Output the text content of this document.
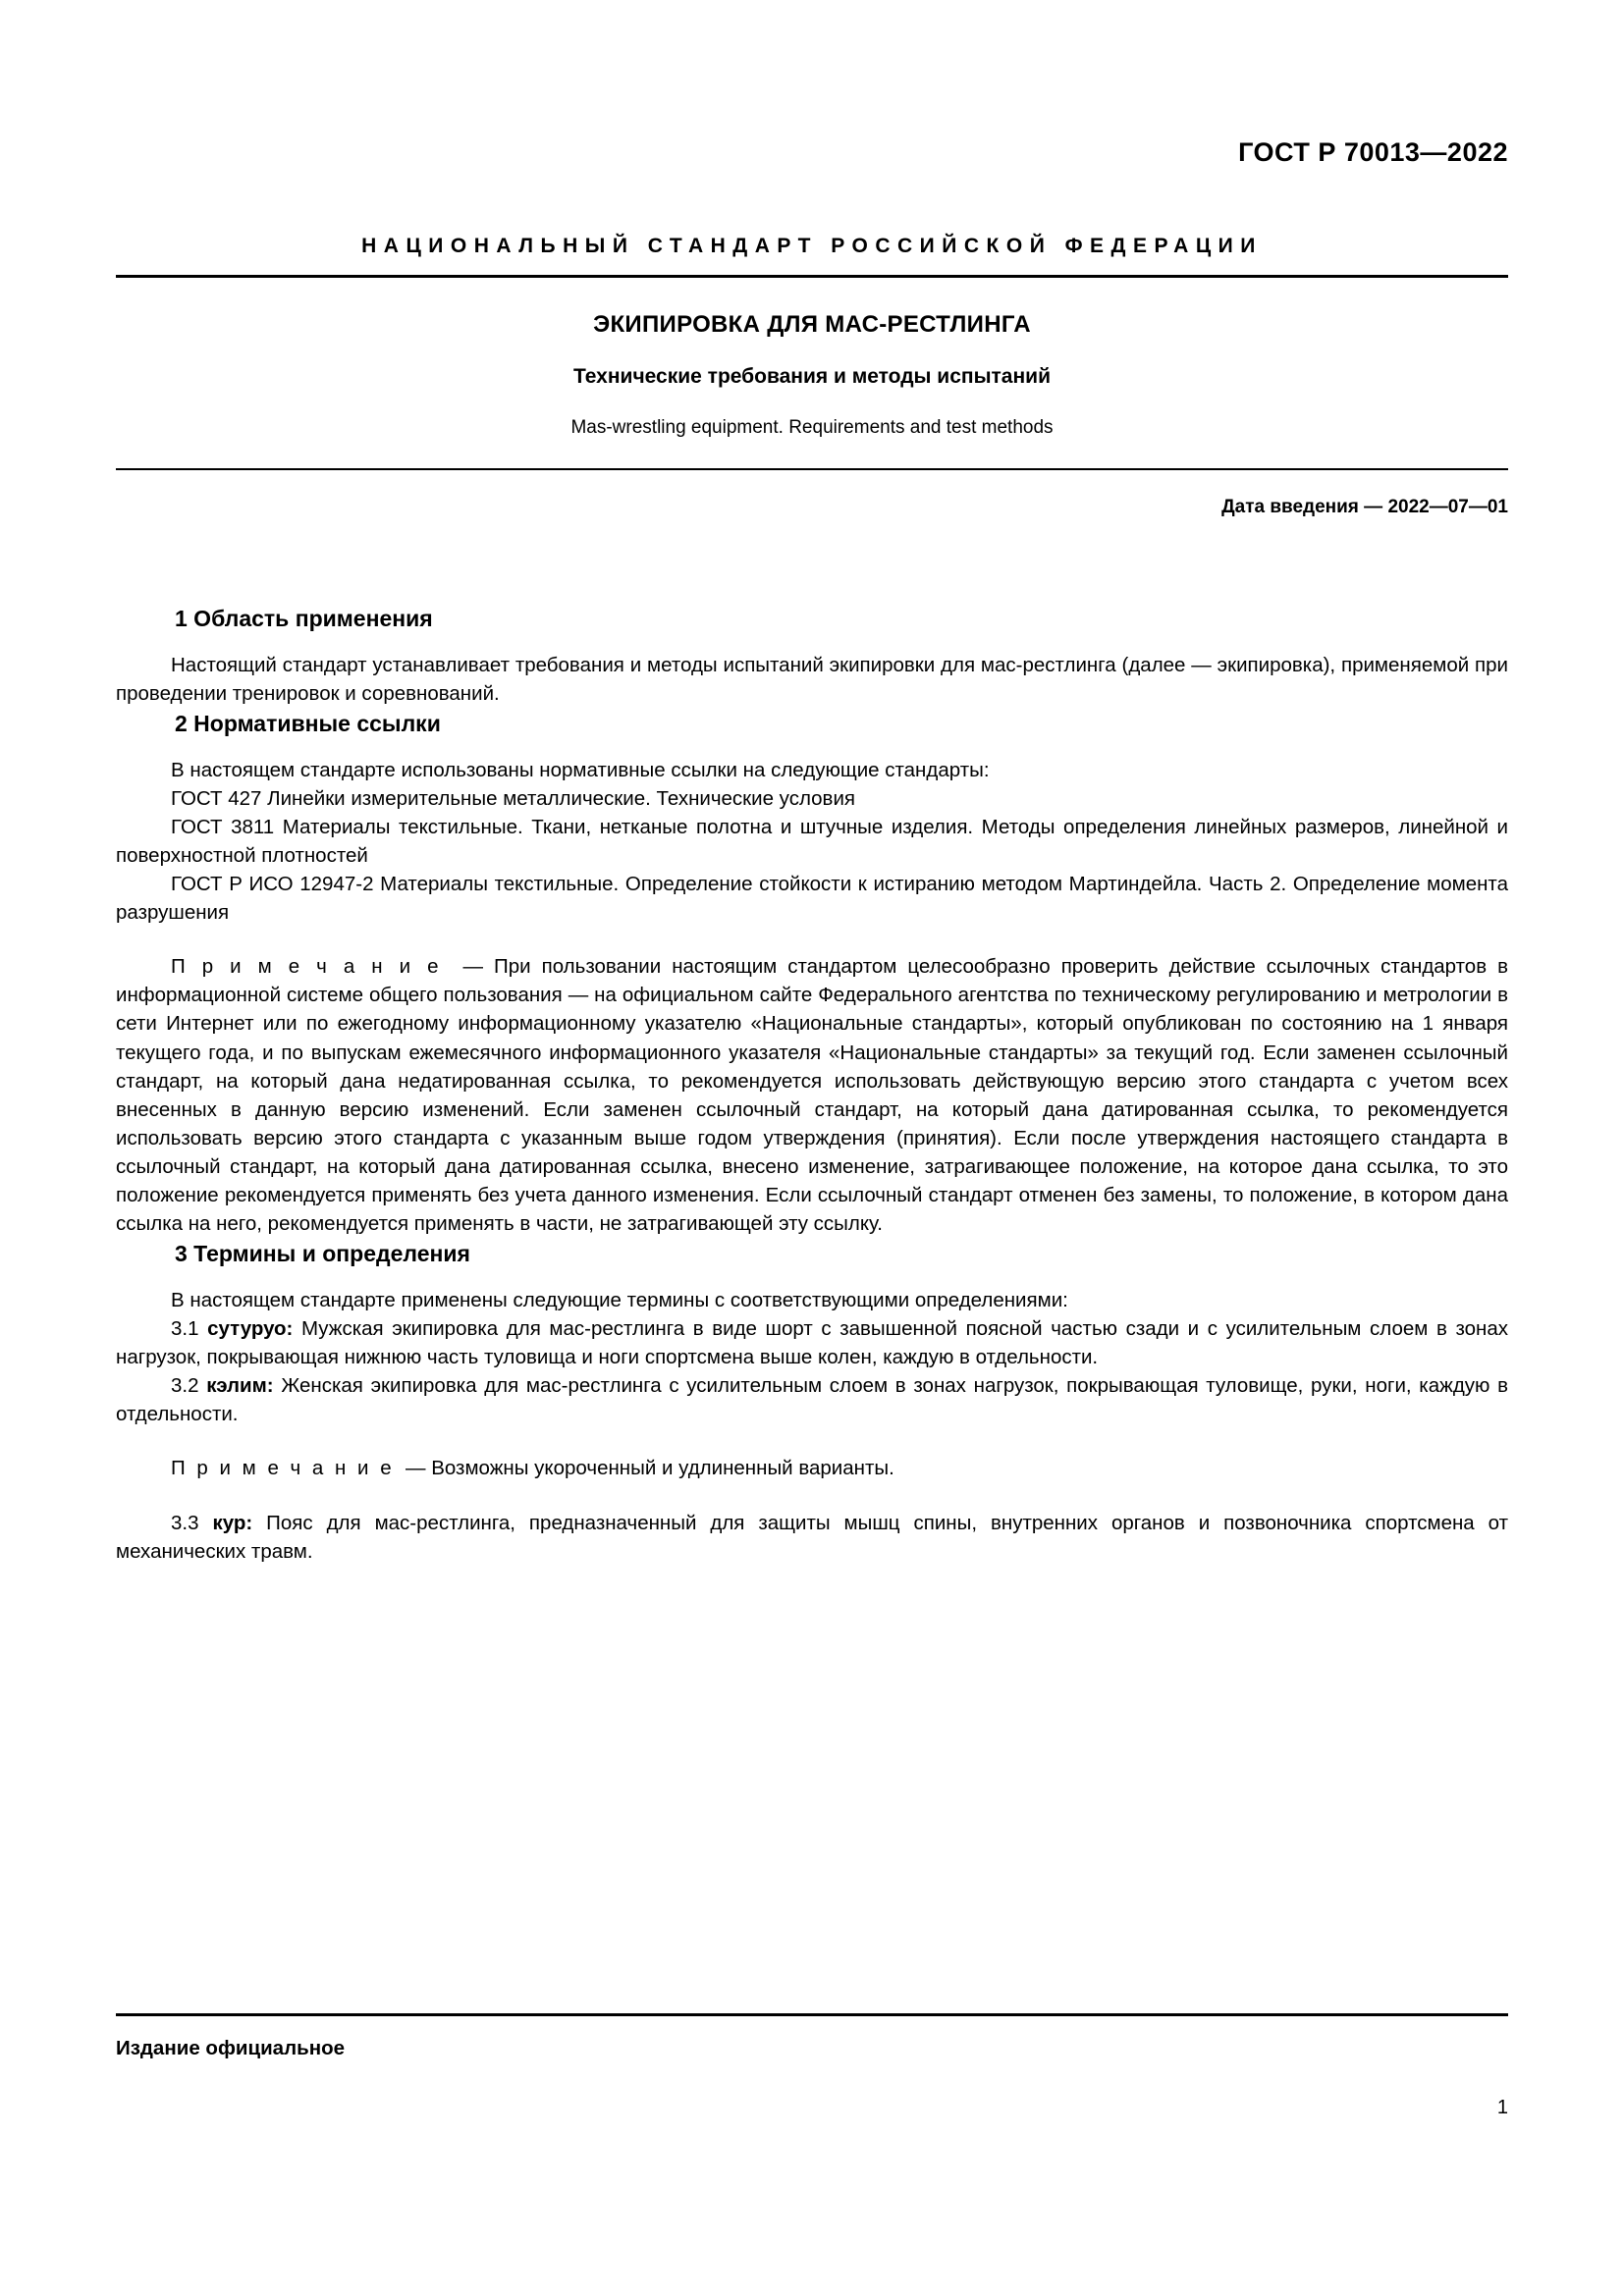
ГОСТ Р 70013—2022
НАЦИОНАЛЬНЫЙ СТАНДАРТ РОССИЙСКОЙ ФЕДЕРАЦИИ
ЭКИПИРОВКА ДЛЯ МАС-РЕСТЛИНГА
Технические требования и методы испытаний
Mas-wrestling equipment. Requirements and test methods
Дата введения — 2022—07—01
1 Область применения

Настоящий стандарт устанавливает требования и методы испытаний экипировки для мас-рестлинга (далее — экипировка), применяемой при проведении тренировок и соревнований.

2 Нормативные ссылки

В настоящем стандарте использованы нормативные ссылки на следующие стандарты:

ГОСТ 427 Линейки измерительные металлические. Технические условия

ГОСТ 3811 Материалы текстильные. Ткани, нетканые полотна и штучные изделия. Методы определения линейных размеров, линейной и поверхностной плотностей

ГОСТ Р ИСО 12947-2 Материалы текстильные. Определение стойкости к истиранию методом Мартиндейла. Часть 2. Определение момента разрушения

П р и м е ч а н и е — При пользовании настоящим стандартом целесообразно проверить действие ссылочных стандартов в информационной системе общего пользования — на официальном сайте Федерального агентства по техническому регулированию и метрологии в сети Интернет или по ежегодному информационному указателю «Национальные стандарты», который опубликован по состоянию на 1 января текущего года, и по выпускам ежемесячного информационного указателя «Национальные стандарты» за текущий год. Если заменен ссылочный стандарт, на который дана недатированная ссылка, то рекомендуется использовать действующую версию этого стандарта с учетом всех внесенных в данную версию изменений. Если заменен ссылочный стандарт, на который дана датированная ссылка, то рекомендуется использовать версию этого стандарта с указанным выше годом утверждения (принятия). Если после утверждения настоящего стандарта в ссылочный стандарт, на который дана датированная ссылка, внесено изменение, затрагивающее положение, на которое дана ссылка, то это положение рекомендуется применять без учета данного изменения. Если ссылочный стандарт отменен без замены, то положение, в котором дана ссылка на него, рекомендуется применять в части, не затрагивающей эту ссылку.

3 Термины и определения

В настоящем стандарте применены следующие термины с соответствующими определениями:

3.1 сутуруо: Мужская экипировка для мас-рестлинга в виде шорт с завышенной поясной частью сзади и с усилительным слоем в зонах нагрузок, покрывающая нижнюю часть туловища и ноги спортсмена выше колен, каждую в отдельности.

3.2 кэлим: Женская экипировка для мас-рестлинга с усилительным слоем в зонах нагрузок, покрывающая туловище, руки, ноги, каждую в отдельности.

П р и м е ч а н и е — Возможны укороченный и удлиненный варианты.

3.3 кур: Пояс для мас-рестлинга, предназначенный для защиты мышц спины, внутренних органов и позвоночника спортсмена от механических травм.

Издание официальное
1
